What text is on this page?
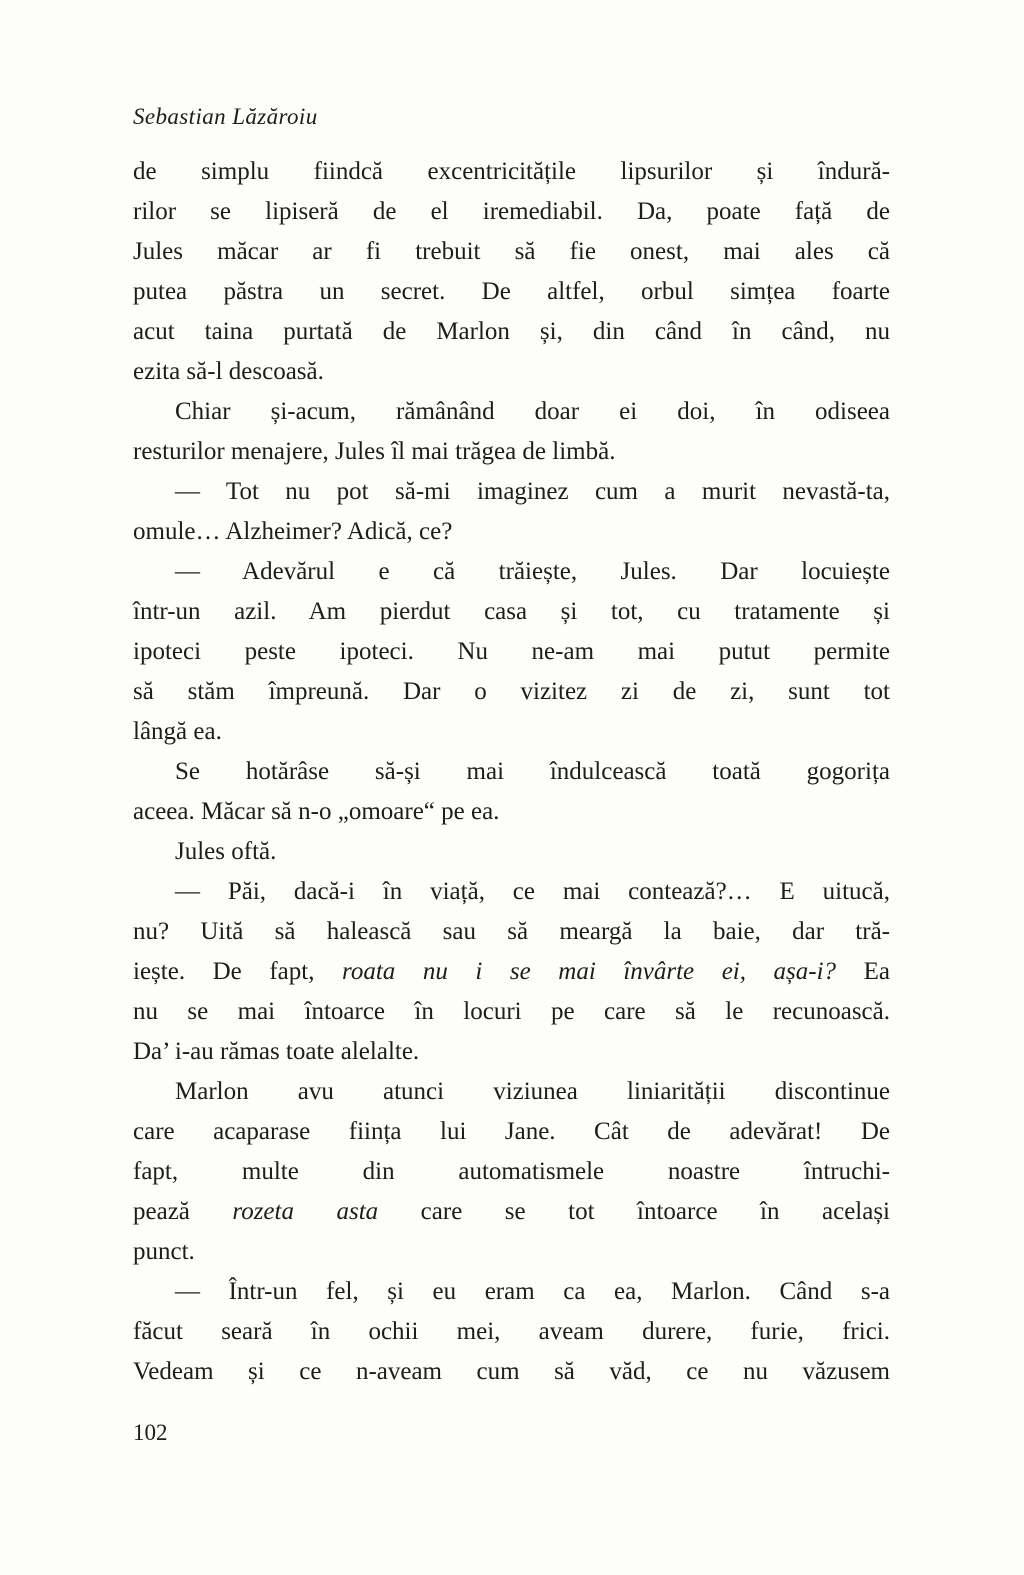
Sebastian Lăzăroiu
de simplu fiindcă excentricitățile lipsurilor și îndură-
rilor se lipiseră de el iremediabil. Da, poate față de
Jules măcar ar fi trebuit să fie onest, mai ales că
putea păstra un secret. De altfel, orbul simțea foarte
acut taina purtată de Marlon și, din când în când, nu
ezita să-l descoasă.
Chiar și-acum, rămânând doar ei doi, în odiseea
resturilor menajere, Jules îl mai trăgea de limbă.
— Tot nu pot să-mi imaginez cum a murit nevastă-ta,
omule… Alzheimer? Adică, ce?
— Adevărul e că trăiește, Jules. Dar locuiește
într-un azil. Am pierdut casa și tot, cu tratamente și
ipoteci peste ipoteci. Nu ne-am mai putut permite
să stăm împreună. Dar o vizitez zi de zi, sunt tot
lângă ea.
Se hotărâse să-și mai îndulcească toată gogorița
aceea. Măcar să n-o „omoare“ pe ea.
Jules oftă.
— Păi, dacă-i în viață, ce mai contează?… E uitucă,
nu? Uită să halească sau să meargă la baie, dar tră-
iește. De fapt, roata nu i se mai învârte ei, așa-i? Ea
nu se mai întoarce în locuri pe care să le recunoască.
Da’ i-au rămas toate alelalte.
Marlon avu atunci viziunea liniarității discontinue
care acaparase ființa lui Jane. Cât de adevărat! De
fapt, multe din automatismele noastre întruchi-
pează rozeta asta care se tot întoarce în același
punct.
— Într-un fel, și eu eram ca ea, Marlon. Când s-a
făcut seară în ochii mei, aveam durere, furie, frici.
Vedeam și ce n-aveam cum să văd, ce nu văzusem
102
